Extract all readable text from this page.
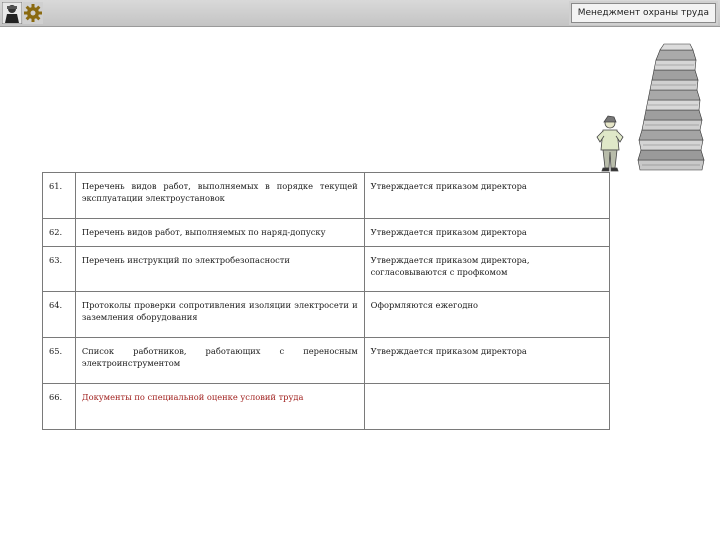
Менеджмент охраны труда
61.	Перечень видов работ, выполняемых в порядке текущей эксплуатации электроустановок	Утверждается приказом директора
62.	Перечень видов работ, выполняемых по наряд-допуску	Утверждается приказом директора
63.	Перечень инструкций по электробезопасности	Утверждается приказом директора, согласовываются с профкомом
64.	Протоколы проверки сопротивления изоляции электросети и заземления оборудования	Оформляются ежегодно
65.	Список работников, работающих с переносным электроинструментом	Утверждается приказом директора
66.	Документы по специальной оценке условий труда	
